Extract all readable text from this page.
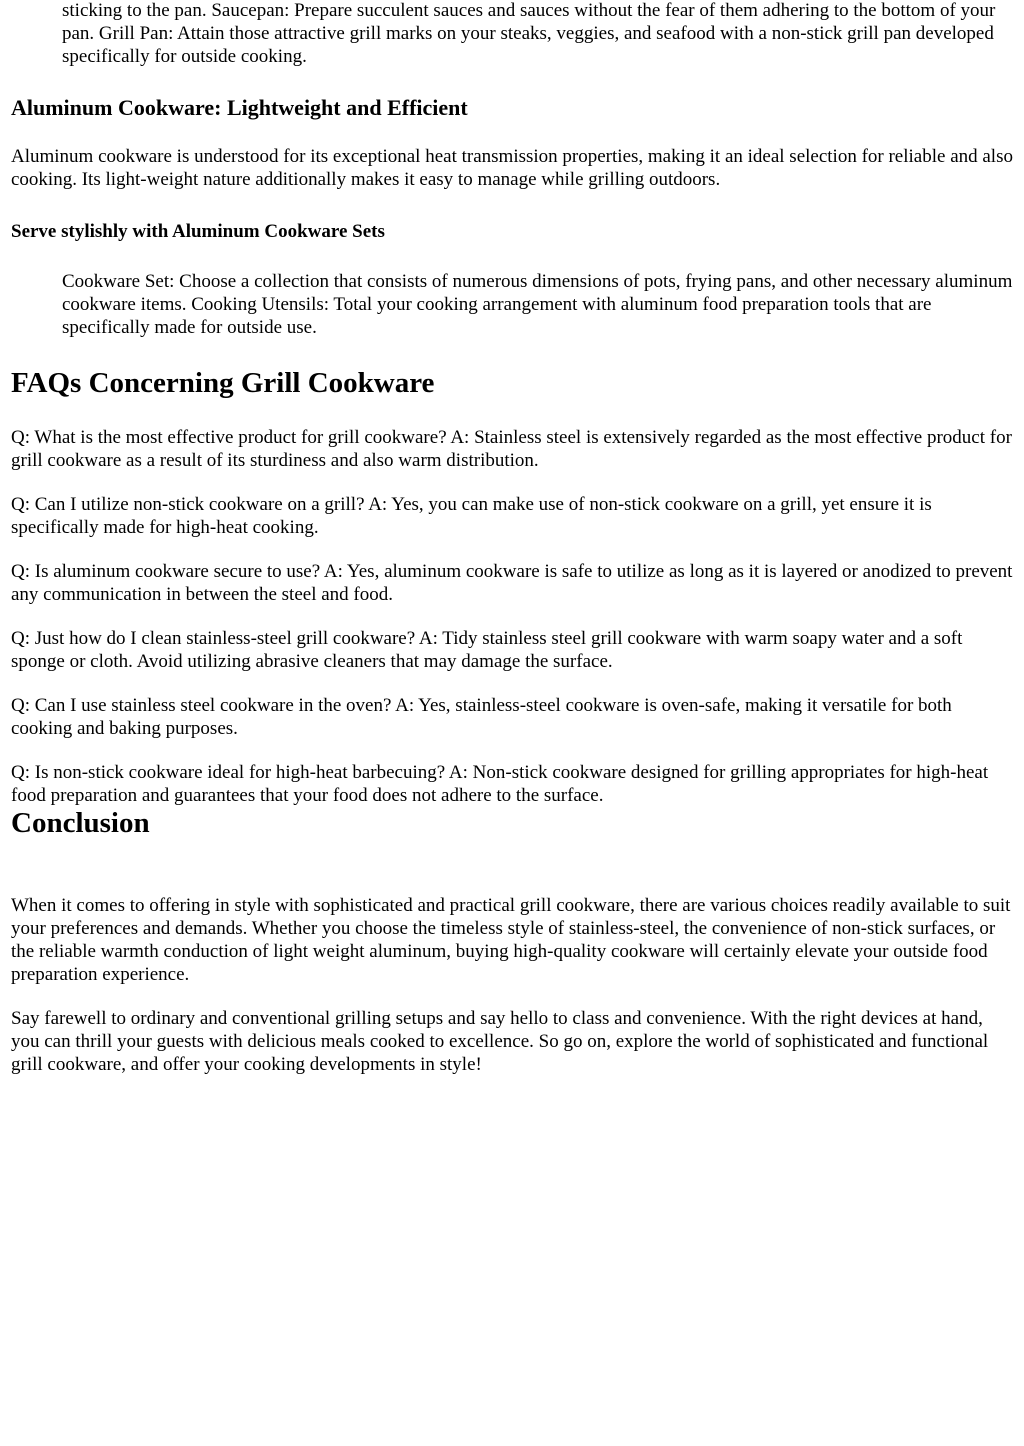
sticking to the pan. Saucepan: Prepare succulent sauces and sauces without the fear of them adhering to the bottom of your pan. Grill Pan: Attain those attractive grill marks on your steaks, veggies, and seafood with a non-stick grill pan developed specifically for outside cooking.

Aluminum Cookware: Lightweight and Efficient

Aluminum cookware is understood for its exceptional heat transmission properties, making it an ideal selection for reliable and also cooking. Its light-weight nature additionally makes it easy to manage while grilling outdoors.

Serve stylishly with Aluminum Cookware Sets

Cookware Set: Choose a collection that consists of numerous dimensions of pots, frying pans, and other necessary aluminum cookware items. Cooking Utensils: Total your cooking arrangement with aluminum food preparation tools that are specifically made for outside use.

FAQs Concerning Grill Cookware

Q: What is the most effective product for grill cookware? A: Stainless steel is extensively regarded as the most effective product for grill cookware as a result of its sturdiness and also warm distribution.

Q: Can I utilize non-stick cookware on a grill? A: Yes, you can make use of non-stick cookware on a grill, yet ensure it is specifically made for high-heat cooking.

Q: Is aluminum cookware secure to use? A: Yes, aluminum cookware is safe to utilize as long as it is layered or anodized to prevent any communication in between the steel and food.

Q: Just how do I clean stainless-steel grill cookware? A: Tidy stainless steel grill cookware with warm soapy water and a soft sponge or cloth. Avoid utilizing abrasive cleaners that may damage the surface.

Q: Can I use stainless steel cookware in the oven? A: Yes, stainless-steel cookware is oven-safe, making it versatile for both cooking and baking purposes.

Q: Is non-stick cookware ideal for high-heat barbecuing? A: Non-stick cookware designed for grilling appropriates for high-heat food preparation and guarantees that your food does not adhere to the surface.

Conclusion

When it comes to offering in style with sophisticated and practical grill cookware, there are various choices readily available to suit your preferences and demands. Whether you choose the timeless style of stainless-steel, the convenience of non-stick surfaces, or the reliable warmth conduction of light weight aluminum, buying high-quality cookware will certainly elevate your outside food preparation experience.

Say farewell to ordinary and conventional grilling setups and say hello to class and convenience. With the right devices at hand, you can thrill your guests with delicious meals cooked to excellence. So go on, explore the world of sophisticated and functional grill cookware, and offer your cooking developments in style!
